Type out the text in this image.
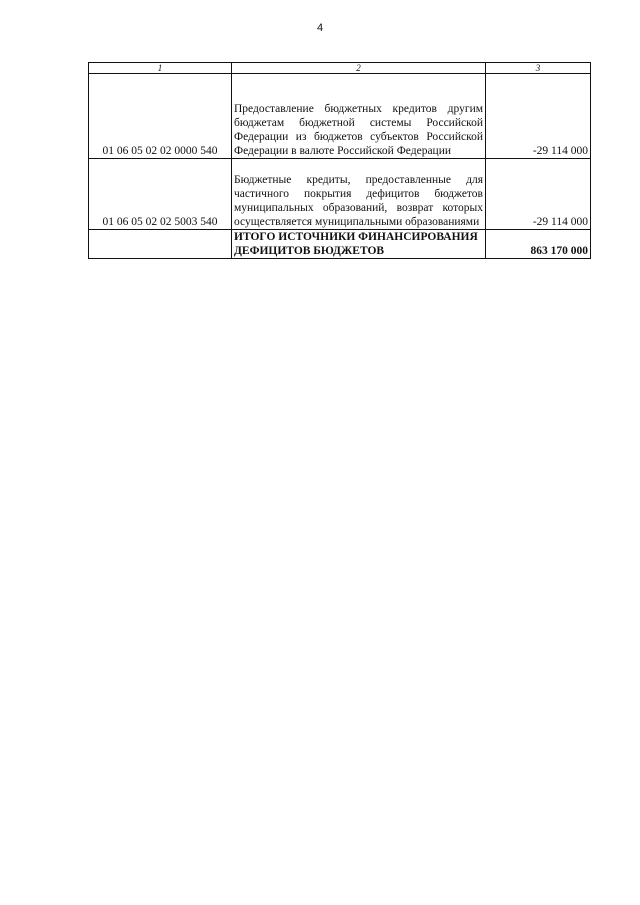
4
1	2	3
01 06 05 02 02 0000 540	Предоставление бюджетных кредитов другим бюджетам бюджетной системы Российской Федерации из бюджетов субъектов Российской Федерации в валюте Российской Федерации	-29 114 000
01 06 05 02 02 5003 540	Бюджетные кредиты, предоставленные для частичного покрытия дефицитов бюджетов муниципальных образований, возврат которых осуществляется муниципальными образованиями	-29 114 000
	ИТОГО ИСТОЧНИКИ ФИНАНСИРОВАНИЯ ДЕФИЦИТОВ БЮДЖЕТОВ	863 170 000
